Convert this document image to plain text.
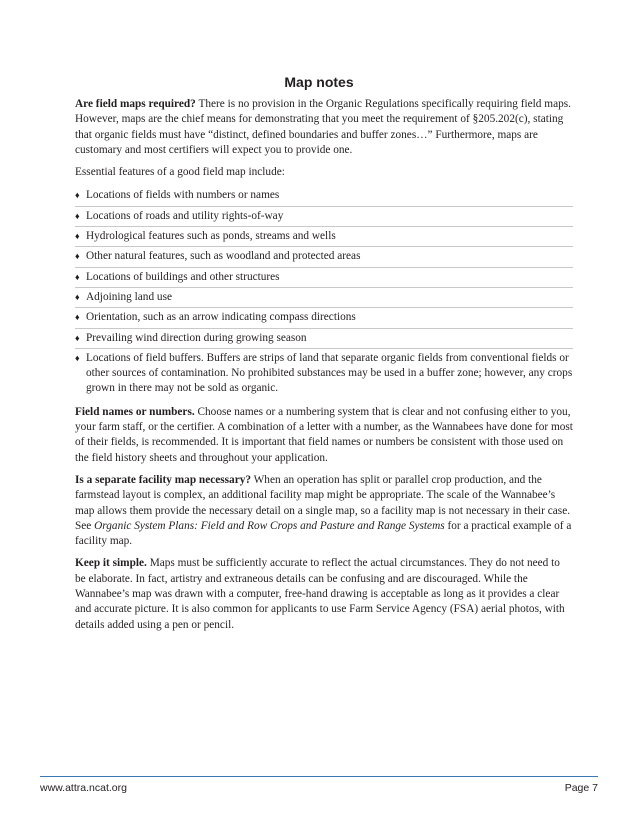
Map notes

Are field maps required? There is no provision in the Organic Regulations specifically requiring field maps. However, maps are the chief means for demonstrating that you meet the requirement of §205.202(c), stating that organic fields must have “distinct, defined boundaries and buffer zones…” Furthermore, maps are customary and most certifiers will expect you to provide one.

Essential features of a good field map include:

♦ Locations of fields with numbers or names
♦ Locations of roads and utility rights-of-way
♦ Hydrological features such as ponds, streams and wells
♦ Other natural features, such as woodland and protected areas
♦ Locations of buildings and other structures
♦ Adjoining land use
♦ Orientation, such as an arrow indicating compass directions
♦ Prevailing wind direction during growing season
♦ Locations of field buffers. Buffers are strips of land that separate organic fields from conventional fields or other sources of contamination. No prohibited substances may be used in a buffer zone; however, any crops grown in there may not be sold as organic.

Field names or numbers. Choose names or a numbering system that is clear and not confusing either to you, your farm staff, or the certifier. A combination of a letter with a number, as the Wannabees have done for most of their fields, is recommended. It is important that field names or numbers be consistent with those used on the field history sheets and throughout your application.

Is a separate facility map necessary? When an operation has split or parallel crop production, and the farmstead layout is complex, an additional facility map might be appropriate. The scale of the Wannabee’s map allows them provide the necessary detail on a single map, so a facility map is not necessary in their case. See Organic System Plans: Field and Row Crops and Pasture and Range Systems for a practical example of a facility map.

Keep it simple. Maps must be sufficiently accurate to reflect the actual circumstances. They do not need to be elaborate. In fact, artistry and extraneous details can be confusing and are discouraged. While the Wannabee’s map was drawn with a computer, free-hand drawing is acceptable as long as it provides a clear and accurate picture. It is also common for applicants to use Farm Service Agency (FSA) aerial photos, with details added using a pen or pencil.

www.attra.ncat.org	Page 7
